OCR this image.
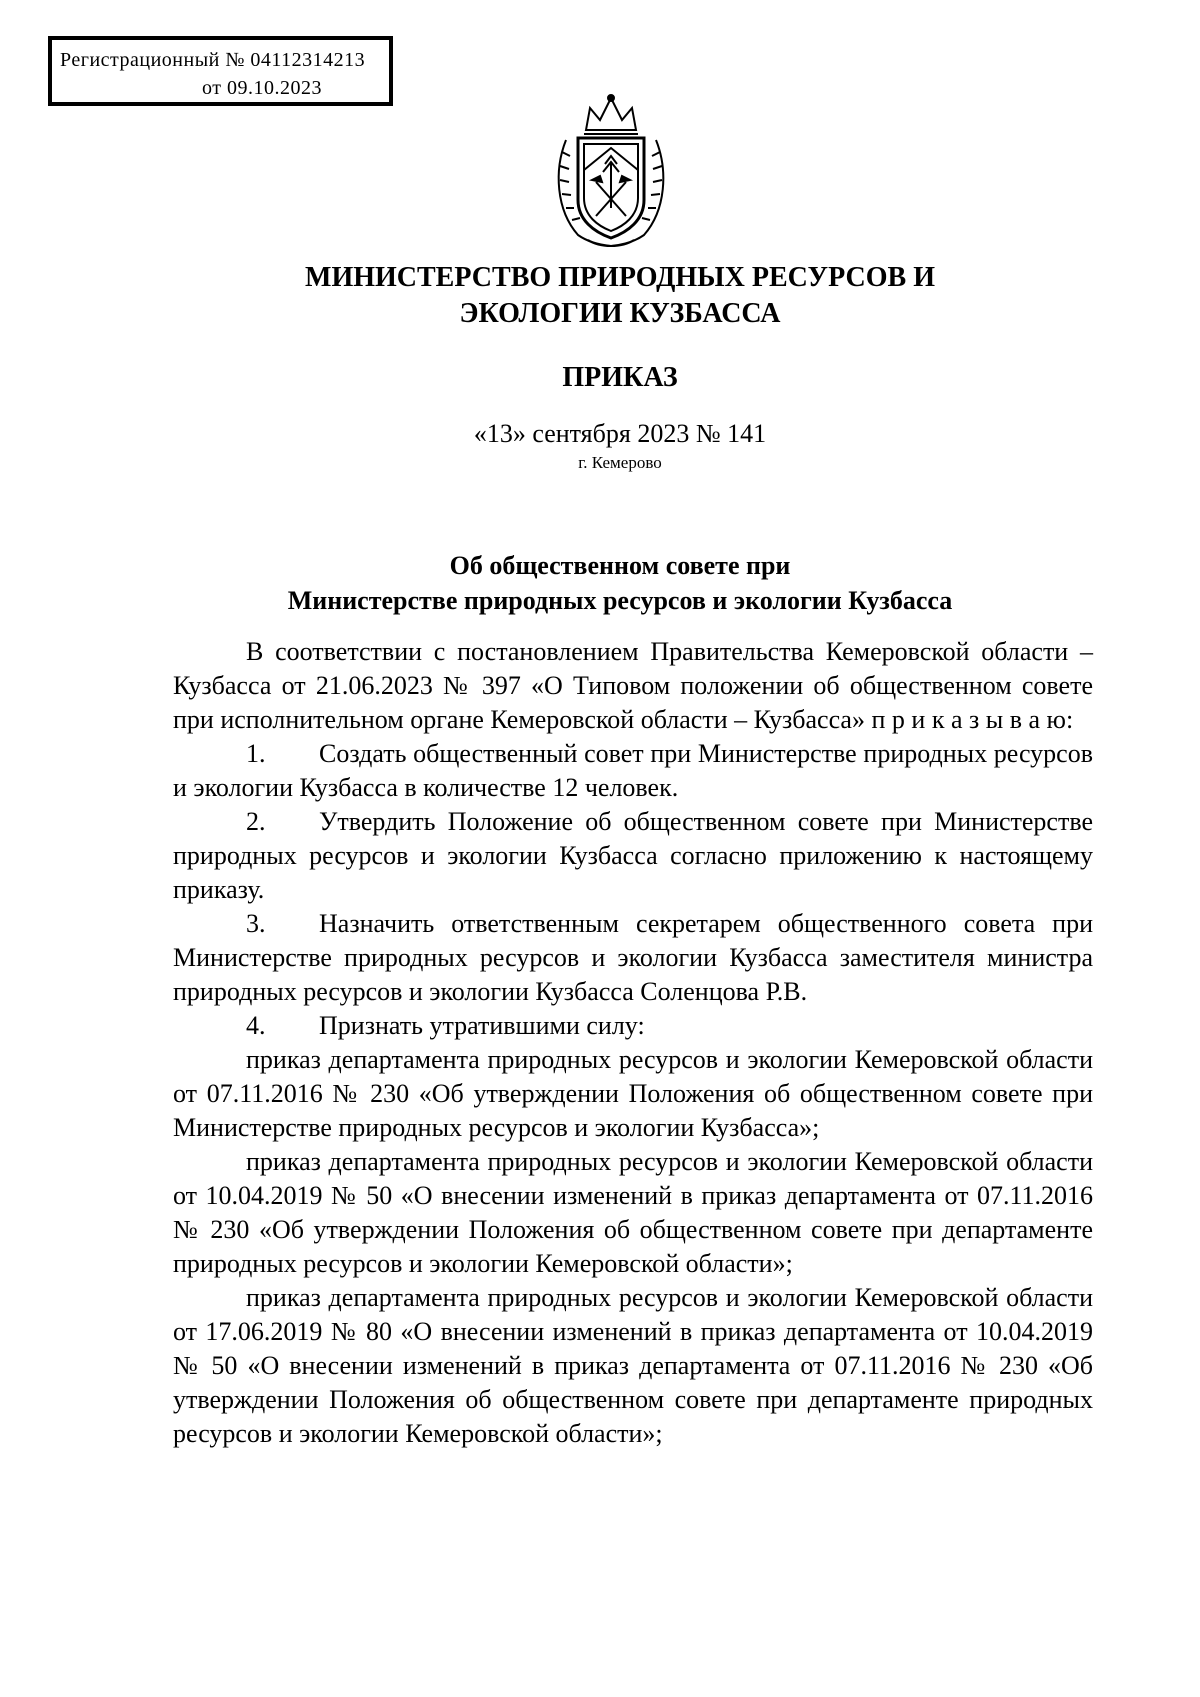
Регистрационный № 04112314213
от 09.10.2023
МИНИСТЕРСТВО ПРИРОДНЫХ РЕСУРСОВ И
ЭКОЛОГИИ КУЗБАССА
ПРИКАЗ
«13» сентября 2023 № 141
г. Кемерово
Об общественном совете при
Министерстве природных ресурсов и экологии Кузбасса

В соответствии с постановлением Правительства Кемеровской области – Кузбасса от 21.06.2023 № 397 «О Типовом положении об общественном совете при исполнительном органе Кемеровской области – Кузбасса» п р и к а з ы в а ю:

1. Создать общественный совет при Министерстве природных ресурсов и экологии Кузбасса в количестве 12 человек.

2. Утвердить Положение об общественном совете при Министерстве природных ресурсов и экологии Кузбасса согласно приложению к настоящему приказу.

3. Назначить ответственным секретарем общественного совета при Министерстве природных ресурсов и экологии Кузбасса заместителя министра природных ресурсов и экологии Кузбасса Соленцова Р.В.

4. Признать утратившими силу:

приказ департамента природных ресурсов и экологии Кемеровской области от 07.11.2016 № 230 «Об утверждении Положения об общественном совете при Министерстве природных ресурсов и экологии Кузбасса»;

приказ департамента природных ресурсов и экологии Кемеровской области от 10.04.2019 № 50 «О внесении изменений в приказ департамента от 07.11.2016 № 230 «Об утверждении Положения об общественном совете при департаменте природных ресурсов и экологии Кемеровской области»;

приказ департамента природных ресурсов и экологии Кемеровской области от 17.06.2019 № 80 «О внесении изменений в приказ департамента от 10.04.2019 № 50 «О внесении изменений в приказ департамента от 07.11.2016 № 230 «Об утверждении Положения об общественном совете при департаменте природных ресурсов и экологии Кемеровской области»;
